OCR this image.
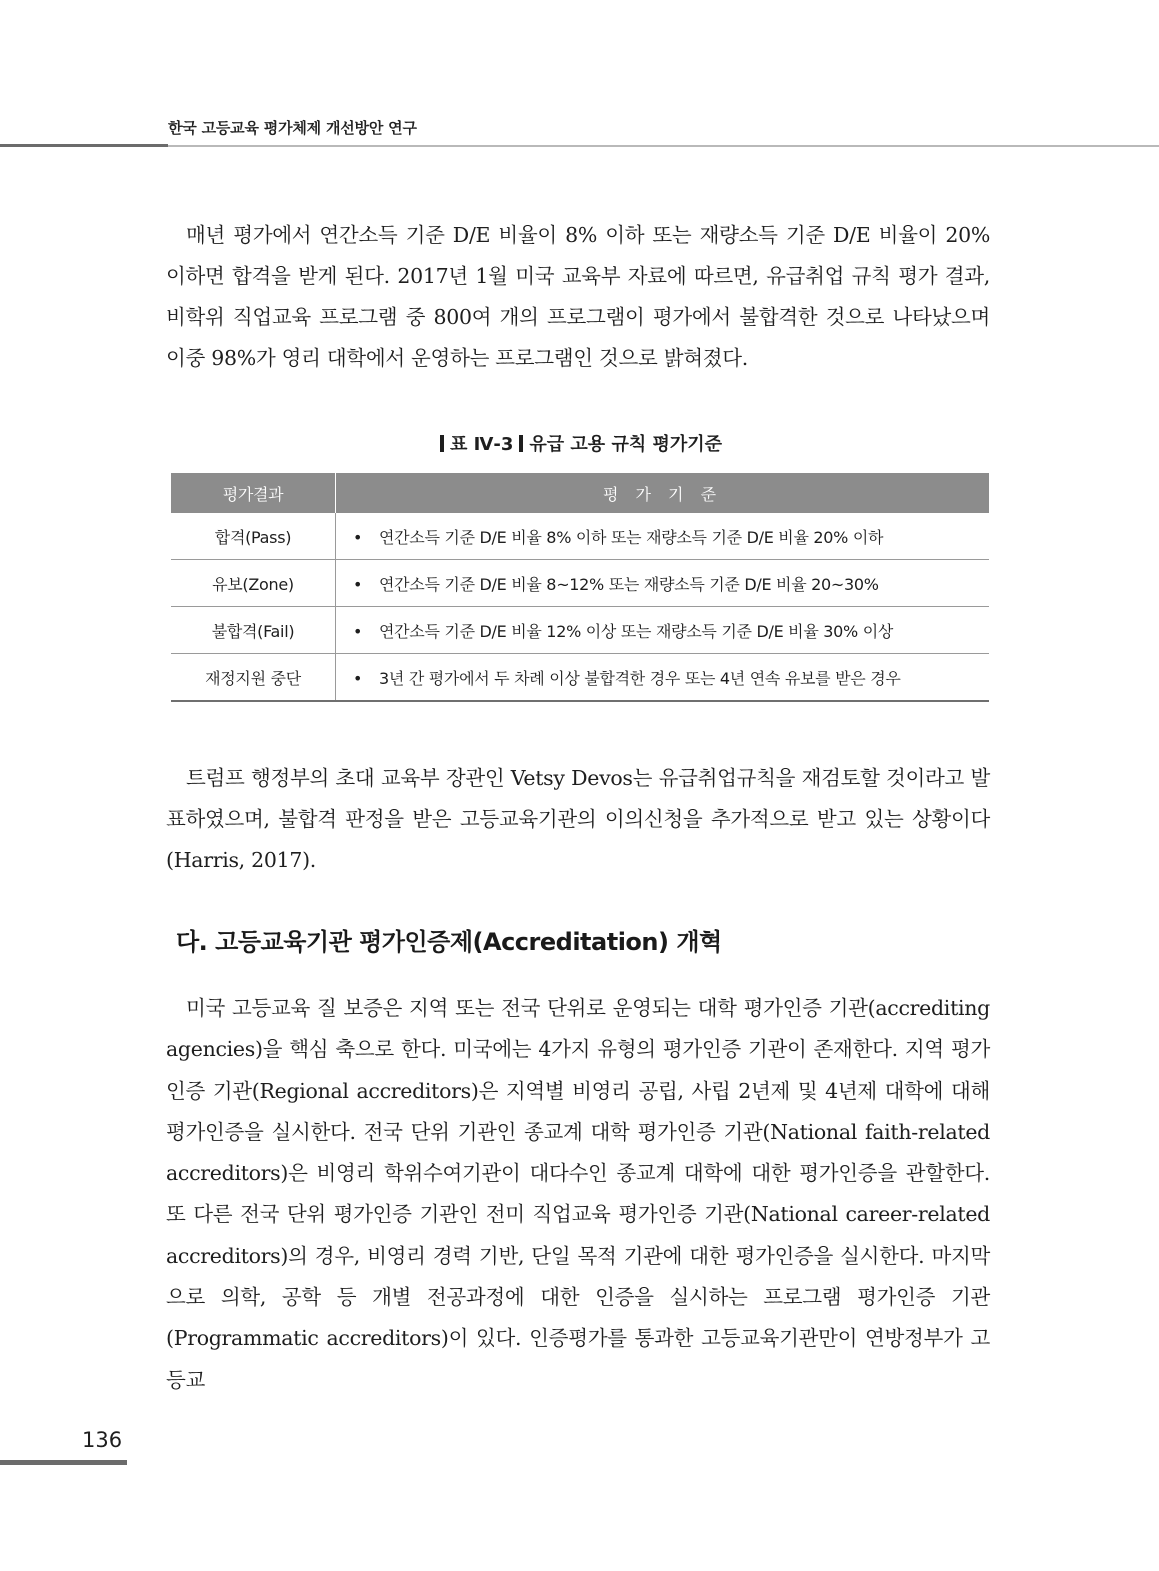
한국 고등교육 평가체제 개선방안 연구

매년 평가에서 연간소득 기준 D/E 비율이 8% 이하 또는 재량소득 기준 D/E 비율이 20% 이하면 합격을 받게 된다. 2017년 1월 미국 교육부 자료에 따르면, 유급취업 규칙 평가 결과, 비학위 직업교육 프로그램 중 800여 개의 프로그램이 평가에서 불합격한 것으로 나타났으며 이중 98%가 영리 대학에서 운영하는 프로그램인 것으로 밝혀졌다.

표 Ⅳ-3 유급 고용 규칙 평가기준
평가결과	평 가 기 준
합격(Pass)	• 연간소득 기준 D/E 비율 8% 이하 또는 재량소득 기준 D/E 비율 20% 이하
유보(Zone)	• 연간소득 기준 D/E 비율 8~12% 또는 재량소득 기준 D/E 비율 20~30%
불합격(Fail)	• 연간소득 기준 D/E 비율 12% 이상 또는 재량소득 기준 D/E 비율 30% 이상
재정지원 중단	• 3년 간 평가에서 두 차례 이상 불합격한 경우 또는 4년 연속 유보를 받은 경우

트럼프 행정부의 초대 교육부 장관인 Vetsy Devos는 유급취업규칙을 재검토할 것이라고 발표하였으며, 불합격 판정을 받은 고등교육기관의 이의신청을 추가적으로 받고 있는 상황이다 (Harris, 2017).

다. 고등교육기관 평가인증제(Accreditation) 개혁

미국 고등교육 질 보증은 지역 또는 전국 단위로 운영되는 대학 평가인증 기관(accrediting agencies)을 핵심 축으로 한다. 미국에는 4가지 유형의 평가인증 기관이 존재한다. 지역 평가인증 기관(Regional accreditors)은 지역별 비영리 공립, 사립 2년제 및 4년제 대학에 대해 평가인증을 실시한다. 전국 단위 기관인 종교계 대학 평가인증 기관(National faith-related accreditors)은 비영리 학위수여기관이 대다수인 종교계 대학에 대한 평가인증을 관할한다. 또 다른 전국 단위 평가인증 기관인 전미 직업교육 평가인증 기관(National career-related accreditors)의 경우, 비영리 경력 기반, 단일 목적 기관에 대한 평가인증을 실시한다. 마지막으로 의학, 공학 등 개별 전공과정에 대한 인증을 실시하는 프로그램 평가인증 기관(Programmatic accreditors)이 있다. 인증평가를 통과한 고등교육기관만이 연방정부가 고등교

136
